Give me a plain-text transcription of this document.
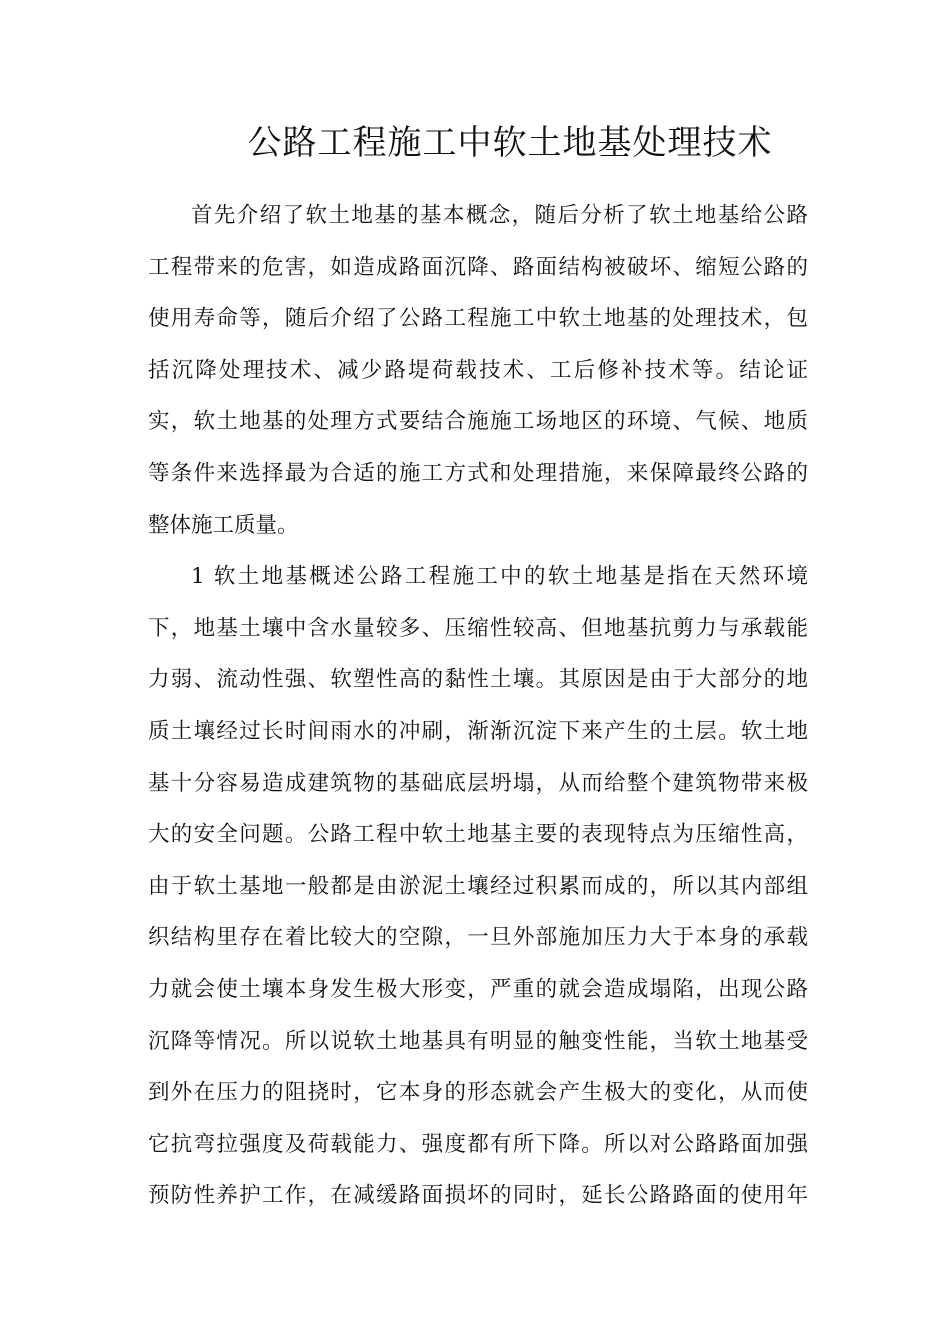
公路工程施工中软土地基处理技术
首先介绍了软土地基的基本概念，随后分析了软土地基给公路
工程带来的危害，如造成路面沉降、路面结构被破坏、缩短公路的
使用寿命等，随后介绍了公路工程施工中软土地基的处理技术，包
括沉降处理技术、减少路堤荷载技术、工后修补技术等。结论证
实，软土地基的处理方式要结合施施工场地区的环境、气候、地质
等条件来选择最为合适的施工方式和处理措施，来保障最终公路的
整体施工质量。
1 软土地基概述公路工程施工中的软土地基是指在天然环境
下，地基土壤中含水量较多、压缩性较高、但地基抗剪力与承载能
力弱、流动性强、软塑性高的黏性土壤。其原因是由于大部分的地
质土壤经过长时间雨水的冲刷，渐渐沉淀下来产生的土层。软土地
基十分容易造成建筑物的基础底层坍塌，从而给整个建筑物带来极
大的安全问题。公路工程中软土地基主要的表现特点为压缩性高，
由于软土基地一般都是由淤泥土壤经过积累而成的，所以其内部组
织结构里存在着比较大的空隙，一旦外部施加压力大于本身的承载
力就会使土壤本身发生极大形变，严重的就会造成塌陷，出现公路
沉降等情况。所以说软土地基具有明显的触变性能，当软土地基受
到外在压力的阻挠时，它本身的形态就会产生极大的变化，从而使
它抗弯拉强度及荷载能力、强度都有所下降。所以对公路路面加强
预防性养护工作，在减缓路面损坏的同时，延长公路路面的使用年
